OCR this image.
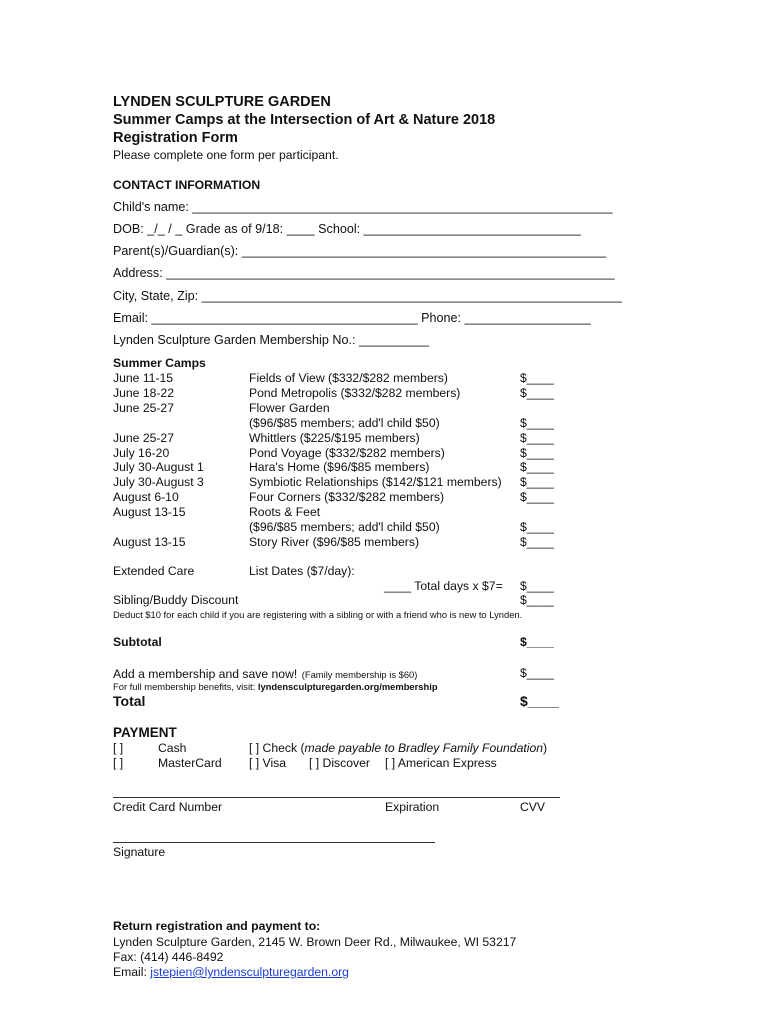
LYNDEN SCULPTURE GARDEN
Summer Camps at the Intersection of Art & Nature 2018
Registration Form
Please complete one form per participant.
CONTACT INFORMATION
Child's name: ____________________________________________________________
DOB: _/_ / _ Grade as of 9/18: ____ School: _______________________________
Parent(s)/Guardian(s): ____________________________________________________
Address: ________________________________________________________________
City, State, Zip: ____________________________________________________________
Email: ______________________________________ Phone: __________________
Lynden Sculpture Garden Membership No.: __________
Summer Camps
June 11-15	Fields of View ($332/$282 members)	$____
June 18-22	Pond Metropolis ($332/$282 members)	$____
June 25-27	Flower Garden
($96/$85 members; add'l child $50)	$____
June 25-27	Whittlers ($225/$195 members)	$____
July 16-20	Pond Voyage ($332/$282 members)	$____
July 30-August 1	Hara's Home ($96/$85 members)	$____
July 30-August 3	Symbiotic Relationships ($142/$121 members) $____
August 6-10	Four Corners ($332/$282 members)	$____
August 13-15	Roots & Feet
($96/$85 members; add'l child $50)	$____
August 13-15	Story River ($96/$85 members)	$____
Extended Care	List Dates ($7/day):
____ Total days x $7= $____
Sibling/Buddy Discount	$____
Deduct $10 for each child if you are registering with a sibling or with a friend who is new to Lynden.
Subtotal	$____
Add a membership and save now! (Family membership is $60)	$____
For full membership benefits, visit: lyndensculpturegarden.org/membership
Total	$____
PAYMENT
[ ]	Cash	[ ] Check (made payable to Bradley Family Foundation)
[ ]	MasterCard [ ] Visa [ ] Discover [ ] American Express
Credit Card Number	Expiration	CVV
Signature
Return registration and payment to:
Lynden Sculpture Garden, 2145 W. Brown Deer Rd., Milwaukee, WI 53217
Fax: (414) 446-8492
Email: jstepien@lyndensculpturegarden.org
